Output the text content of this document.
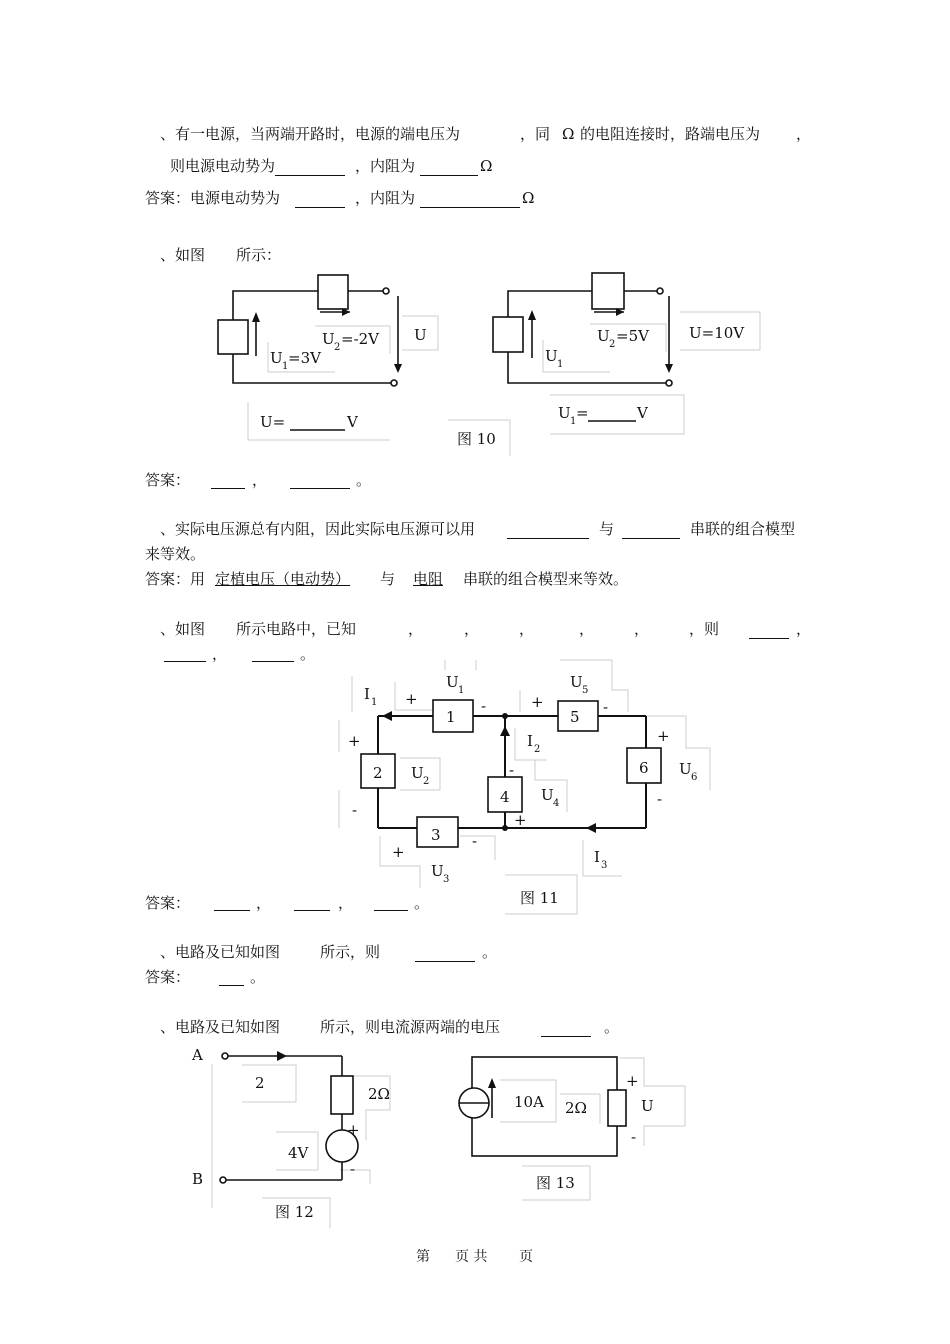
、有一电源，当两端开路时，电源的端电压为	，同 Ω 的电阻连接时，路端电压为 ，
则电源电动势为	，内阻为	Ω
答案：电源电动势为	，内阻为	Ω
、如图 所示：
U
U 2 =-2V
U 1 =3V
U=	V
U=10V
U 2 =5V
U 1
U 1 =	V
图 10
答案：	，	。
、实际电压源总有内阻，因此实际电压源可以用	与	串联的组合模型
来等效。
答案：用 定植电压（电动势） 与 电阻 串联的组合模型来等效。
、如图 所示电路中，已知	，	，	，	，	，	，则	，
，	。
1	5
2	6
4
3
I 1
I 2
I 3
U 1
U 2
U 3
U 4
U 5
U 6
+	-	+	-
+
-
-
+
+
-
+
-
图 11
答案：	，	，	。
、电路及已知如图	所示，则	。
答案：	。
、电路及已知如图	所示，则电流源两端的电压	。
A
B
2
2Ω
4V
+
-
图 12
10A 2Ω	U
+
-
图 13
第 页 共 页
